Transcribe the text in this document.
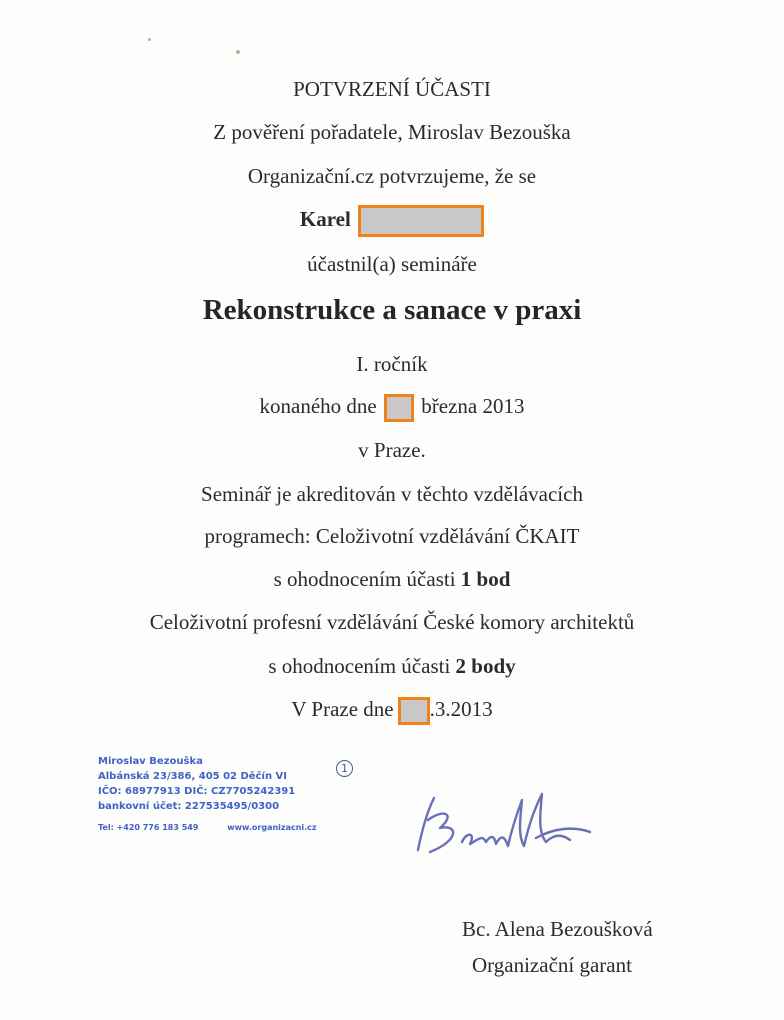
POTVRZENÍ ÚČASTI
Z pověření pořadatele, Miroslav Bezouška
Organizační.cz potvrzujeme, že se
Karel
účastnil(a) semináře
Rekonstrukce a sanace v praxi
I. ročník
konaného dne března 2013
v Praze.
Seminář je akreditován v těchto vzdělávacích
programech: Celoživotní vzdělávání ČKAIT
s ohodnocením účasti 1 bod
Celoživotní profesní vzdělávání České komory architektů
s ohodnocením účasti 2 body
V Praze dne .3.2013
Miroslav Bezouška
Albánská 23/386, 405 02 Děčín VI
IČO: 68977913 DIČ: CZ7705242391
bankovní účet: 227535495/0300
Tel: +420 776 183 549	www.organizacni.cz
1
Bc. Alena Bezoušková
Organizační garant
